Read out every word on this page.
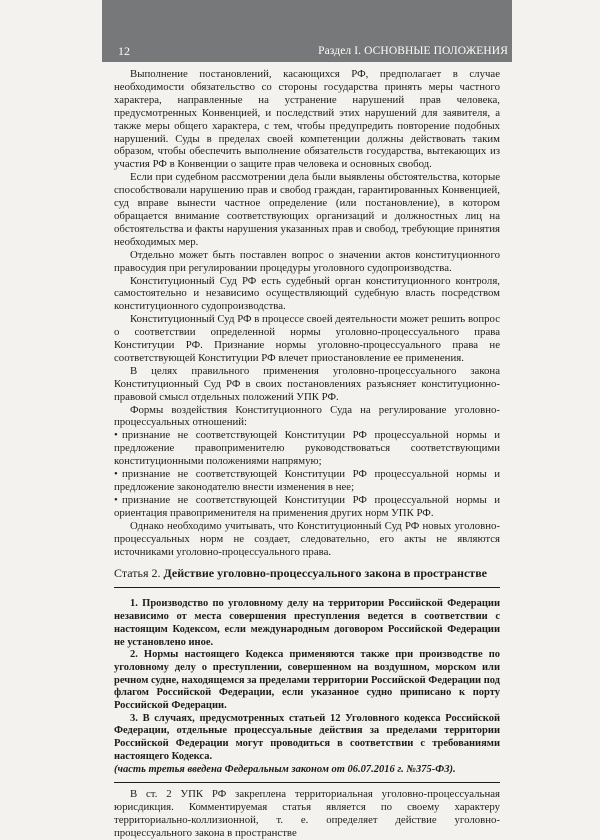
12	Раздел I. ОСНОВНЫЕ ПОЛОЖЕНИЯ

Выполнение постановлений, касающихся РФ, предполагает в случае необходимости обязательство со стороны государства принять меры частного характера, направленные на устранение нарушений прав человека, предусмотренных Конвенцией, и последствий этих нарушений для заявителя, а также меры общего характера, с тем, чтобы предупредить повторение подобных нарушений. Суды в пределах своей компетенции должны действовать таким образом, чтобы обеспечить выполнение обязательств государства, вытекающих из участия РФ в Конвенции о защите прав человека и основных свобод.

Если при судебном рассмотрении дела были выявлены обстоятельства, которые способствовали нарушению прав и свобод граждан, гарантированных Конвенцией, суд вправе вынести частное определение (или постановление), в котором обращается внимание соответствующих организаций и должностных лиц на обстоятельства и факты нарушения указанных прав и свобод, требующие принятия необходимых мер.

Отдельно может быть поставлен вопрос о значении актов конституционного правосудия при регулировании процедуры уголовного судопроизводства.

Конституционный Суд РФ есть судебный орган конституционного контроля, самостоятельно и независимо осуществляющий судебную власть посредством конституционного судопроизводства.

Конституционный Суд РФ в процессе своей деятельности может решить вопрос о соответствии определенной нормы уголовно-процессуального права Конституции РФ. Признание нормы уголовно-процессуального права не соответствующей Конституции РФ влечет приостановление ее применения.

В целях правильного применения уголовно-процессуального закона Конституционный Суд РФ в своих постановлениях разъясняет конституционно-правовой смысл отдельных положений УПК РФ.

Формы воздействия Конституционного Суда на регулирование уголовно-процессуальных отношений:

• признание не соответствующей Конституции РФ процессуальной нормы и предложение правоприменителю руководствоваться соответствующими конституционными положениями напрямую;
• признание не соответствующей Конституции РФ процессуальной нормы и предложение законодателю внести изменения в нее;
• признание не соответствующей Конституции РФ процессуальной нормы и ориентация правоприменителя на применения других норм УПК РФ.

Однако необходимо учитывать, что Конституционный Суд РФ новых уголовно-процессуальных норм не создает, следовательно, его акты не являются источниками уголовно-процессуального права.

Статья 2. Действие уголовно-процессуального закона в пространстве

1. Производство по уголовному делу на территории Российской Федерации независимо от места совершения преступления ведется в соответствии с настоящим Кодексом, если международным договором Российской Федерации не установлено иное.

2. Нормы настоящего Кодекса применяются также при производстве по уголовному делу о преступлении, совершенном на воздушном, морском или речном судне, находящемся за пределами территории Российской Федерации под флагом Российской Федерации, если указанное судно приписано к порту Российской Федерации.

3. В случаях, предусмотренных статьей 12 Уголовного кодекса Российской Федерации, отдельные процессуальные действия за пределами территории Российской Федерации могут проводиться в соответствии с требованиями настоящего Кодекса.

(часть третья введена Федеральным законом от 06.07.2016 г. №375-ФЗ).

В ст. 2 УПК РФ закреплена территориальная уголовно-процессуальная юрисдикция. Комментируемая статья является по своему характеру территориально-коллизионной, т. е. определяет действие уголовно-процессуального закона в пространстве
